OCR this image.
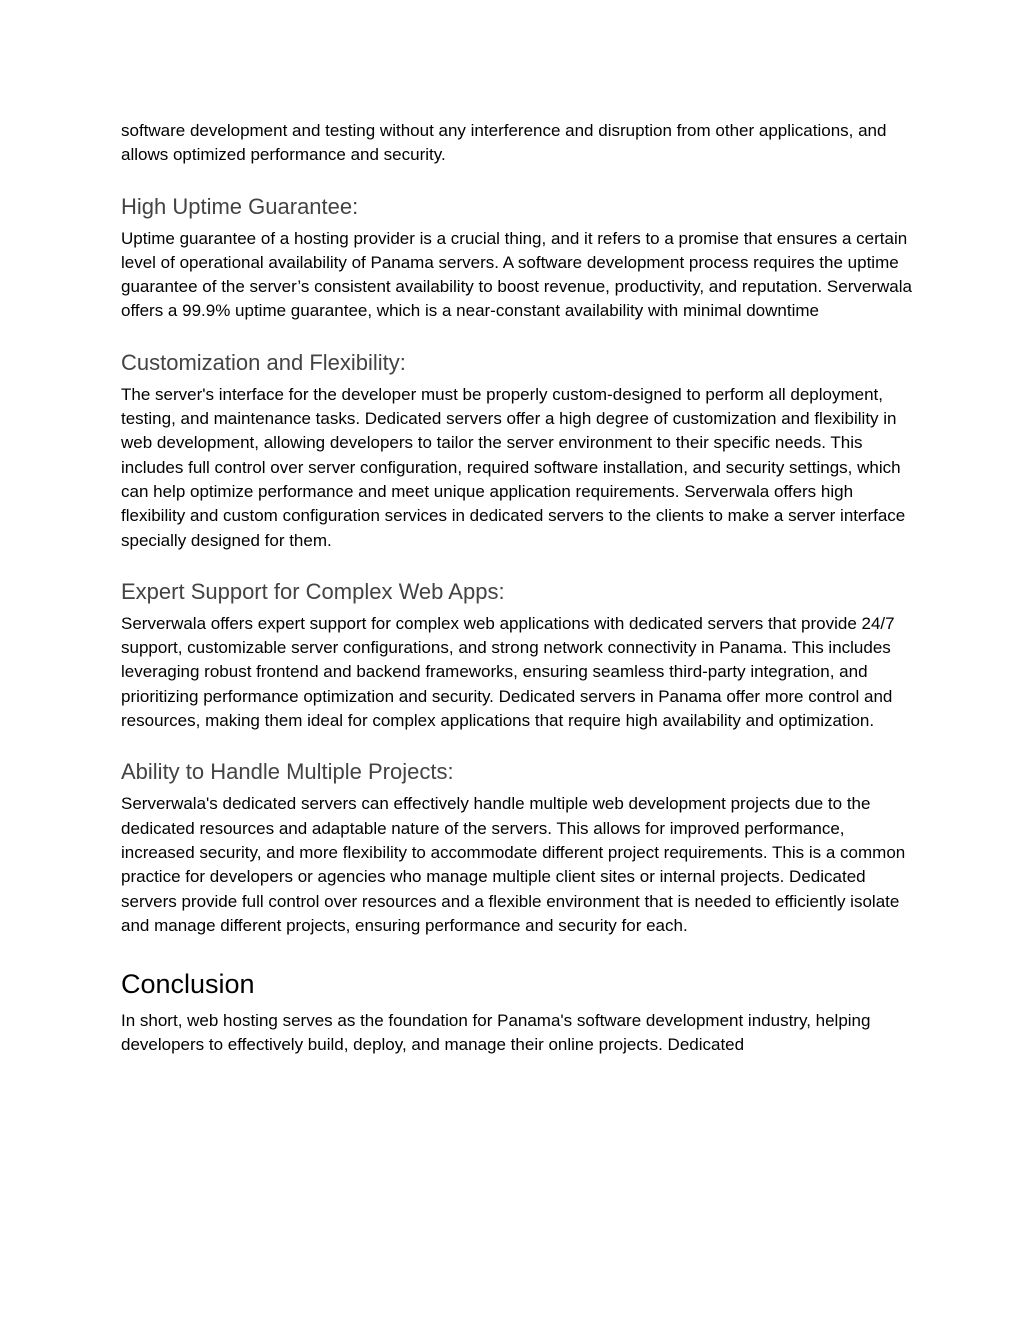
software development and testing without any interference and disruption from other applications, and allows optimized performance and security.

High Uptime Guarantee:

Uptime guarantee of a hosting provider is a crucial thing, and it refers to a promise that ensures a certain level of operational availability of Panama servers. A software development process requires the uptime guarantee of the server’s consistent availability to boost revenue, productivity, and reputation. Serverwala offers a 99.9% uptime guarantee, which is a near-constant availability with minimal downtime

Customization and Flexibility:

The server's interface for the developer must be properly custom-designed to perform all deployment, testing, and maintenance tasks. Dedicated servers offer a high degree of customization and flexibility in web development, allowing developers to tailor the server environment to their specific needs. This includes full control over server configuration, required software installation, and security settings, which can help optimize performance and meet unique application requirements. Serverwala offers high flexibility and custom configuration services in dedicated servers to the clients to make a server interface specially designed for them.

Expert Support for Complex Web Apps:

Serverwala offers expert support for complex web applications with dedicated servers that provide 24/7 support, customizable server configurations, and strong network connectivity in Panama. This includes leveraging robust frontend and backend frameworks, ensuring seamless third-party integration, and prioritizing performance optimization and security. Dedicated servers in Panama offer more control and resources, making them ideal for complex applications that require high availability and optimization.

Ability to Handle Multiple Projects:

Serverwala's dedicated servers can effectively handle multiple web development projects due to the dedicated resources and adaptable nature of the servers. This allows for improved performance, increased security, and more flexibility to accommodate different project requirements. This is a common practice for developers or agencies who manage multiple client sites or internal projects. Dedicated servers provide full control over resources and a flexible environment that is needed to efficiently isolate and manage different projects, ensuring performance and security for each.

Conclusion

In short, web hosting serves as the foundation for Panama's software development industry, helping developers to effectively build, deploy, and manage their online projects. Dedicated
